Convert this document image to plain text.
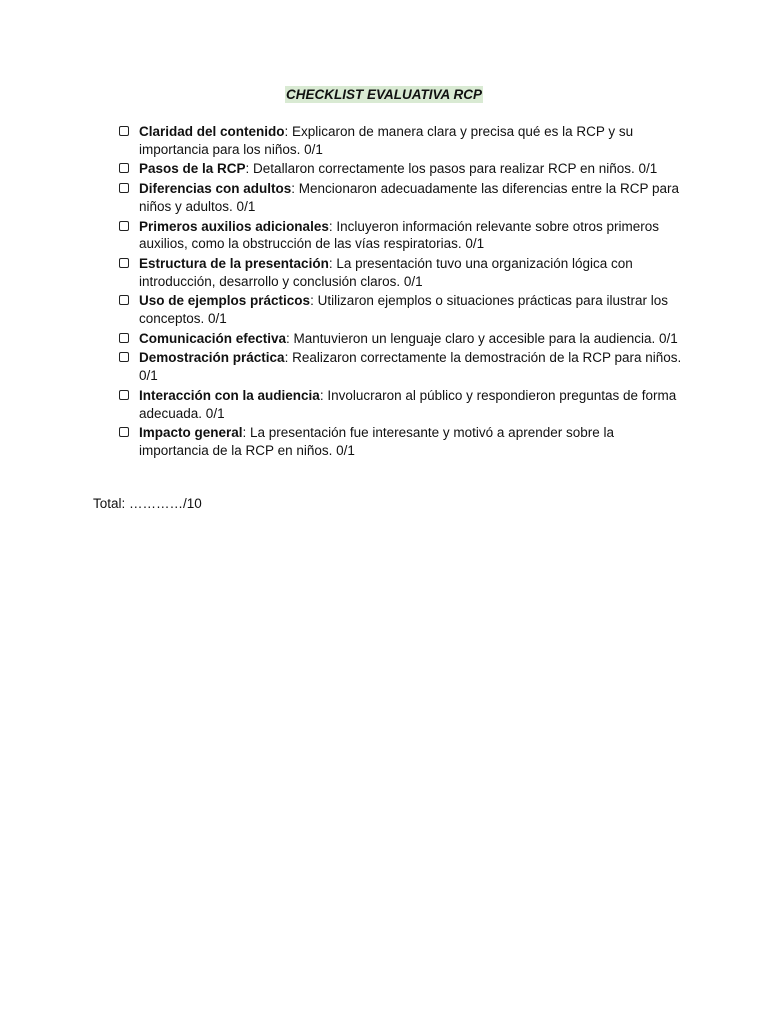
CHECKLIST EVALUATIVA RCP
Claridad del contenido: Explicaron de manera clara y precisa qué es la RCP y su importancia para los niños. 0/1
Pasos de la RCP: Detallaron correctamente los pasos para realizar RCP en niños. 0/1
Diferencias con adultos: Mencionaron adecuadamente las diferencias entre la RCP para niños y adultos. 0/1
Primeros auxilios adicionales: Incluyeron información relevante sobre otros primeros auxilios, como la obstrucción de las vías respiratorias. 0/1
Estructura de la presentación: La presentación tuvo una organización lógica con introducción, desarrollo y conclusión claros. 0/1
Uso de ejemplos prácticos: Utilizaron ejemplos o situaciones prácticas para ilustrar los conceptos. 0/1
Comunicación efectiva: Mantuvieron un lenguaje claro y accesible para la audiencia. 0/1
Demostración práctica: Realizaron correctamente la demostración de la RCP para niños. 0/1
Interacción con la audiencia: Involucraron al público y respondieron preguntas de forma adecuada. 0/1
Impacto general: La presentación fue interesante y motivó a aprender sobre la importancia de la RCP en niños. 0/1
Total: …………/10
